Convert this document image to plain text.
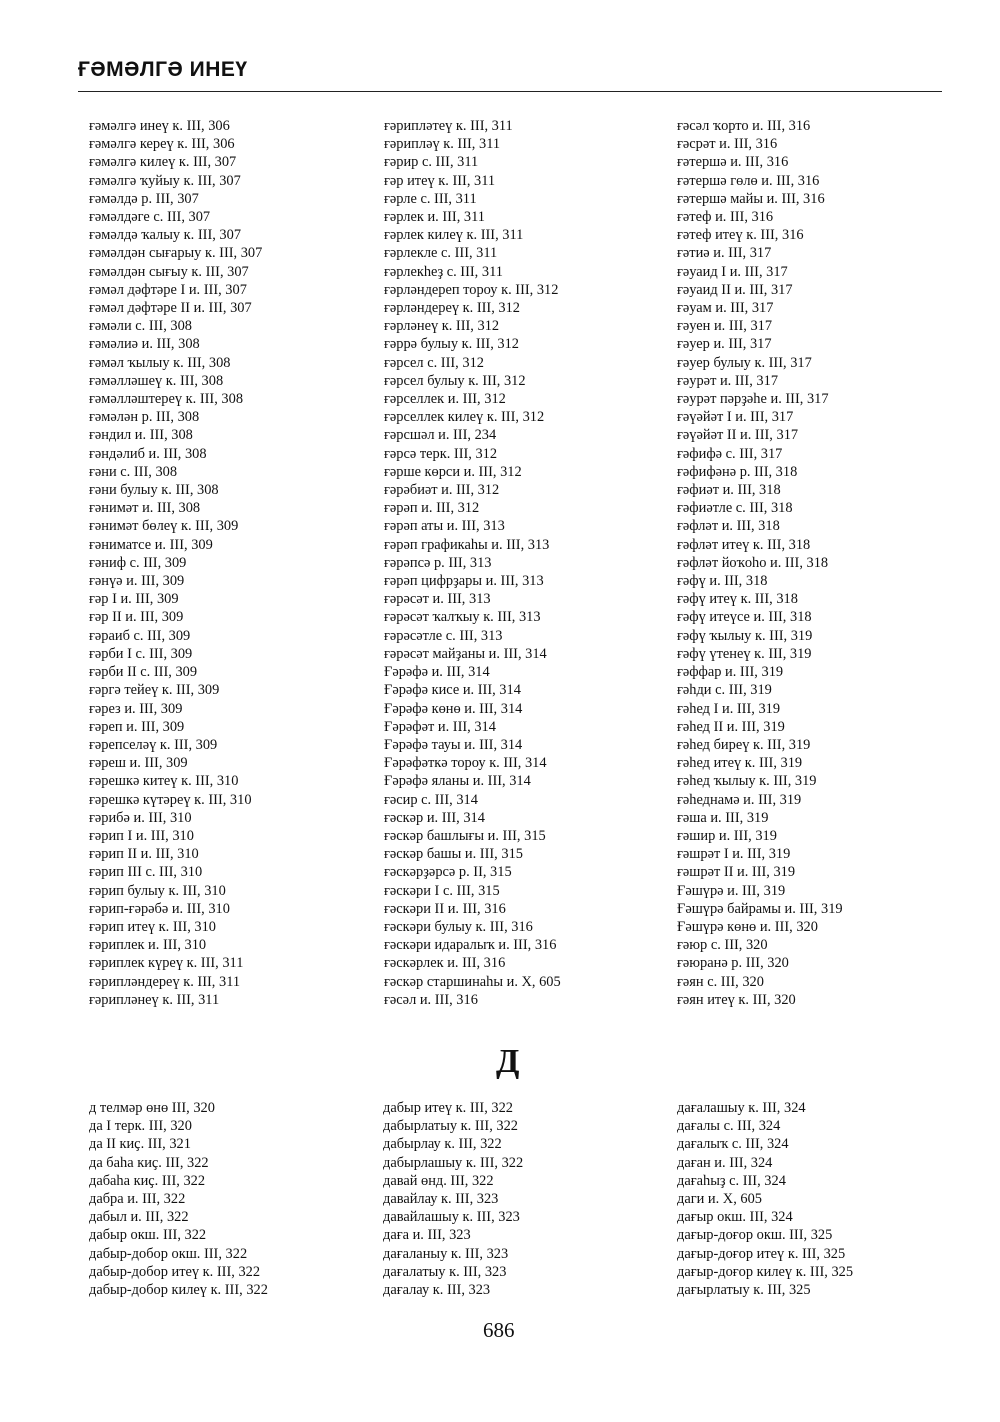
ҒӘМӘЛГӘ ИНЕҮ
ғәмәлгә инеү к. III, 306
ғәмәлгә кереү к. III, 306
ғәмәлгә килеү к. III, 307
ғәмәлгә ҡуйыу к. III, 307
ғәмәлдә р. III, 307
ғәмәлдәге с. III, 307
ғәмәлдә ҡалыу к. III, 307
ғәмәлдән сығарыу к. III, 307
ғәмәлдән сығыу к. III, 307
ғәмәл дәфтәре I и. III, 307
ғәмәл дәфтәре II и. III, 307
ғәмәли с. III, 308
ғәмәлиә и. III, 308
ғәмәл ҡылыу к. III, 308
ғәмәлләшеү к. III, 308
ғәмәлләштереү к. III, 308
ғәмәлән р. III, 308
ғәндил и. III, 308
ғәндәлиб и. III, 308
ғәни с. III, 308
ғәни булыу к. III, 308
ғәнимәт и. III, 308
ғәнимәт бөлеү к. III, 309
ғәниматсе и. III, 309
ғәниф с. III, 309
ғәнүә и. III, 309
ғәр I и. III, 309
ғәр II и. III, 309
ғәраиб с. III, 309
ғәрби I с. III, 309
ғәрби II с. III, 309
ғәргә тейеү к. III, 309
ғәрез и. III, 309
ғәреп и. III, 309
ғәрепселәү к. III, 309
ғәреш и. III, 309
ғәрешкә китеү к. III, 310
ғәрешкә күтәреү к. III, 310
ғәрибә и. III, 310
ғәрип I и. III, 310
ғәрип II и. III, 310
ғәрип III с. III, 310
ғәрип булыу к. III, 310
ғәрип-ғәрәбә и. III, 310
ғәрип итеү к. III, 310
ғәриплек и. III, 310
ғәриплек күреү к. III, 311
ғәрипләндереү к. III, 311
ғәрипләнеү к. III, 311
ғәрипләтеү к. III, 311
ғәрипләү к. III, 311
ғәрир с. III, 311
ғәр итеү к. III, 311
ғәрле с. III, 311
ғәрлек и. III, 311
ғәрлек килеү к. III, 311
ғәрлекле с. III, 311
ғәрлекһеҙ с. III, 311
ғәрләндереп тороу к. III, 312
ғәрләндереү к. III, 312
ғәрләнеү к. III, 312
ғәррә булыу к. III, 312
ғәрсел с. III, 312
ғәрсел булыу к. III, 312
ғәрселлек и. III, 312
ғәрселлек килеү к. III, 312
ғәрсшәл и. III, 234
ғәрсә терк. III, 312
ғәрше көрси и. III, 312
ғәрәбиәт и. III, 312
ғәрәп и. III, 312
ғәрәп аты и. III, 313
ғәрәп графикаһы и. III, 313
ғәрәпсә р. III, 313
ғәрәп цифрҙары и. III, 313
ғәрәсәт и. III, 313
ғәрәсәт ҡалҡыу к. III, 313
ғәрәсәтле с. III, 313
ғәрәсәт майҙаны и. III, 314
Ғәрәфә и. III, 314
Ғәрәфә кисе и. III, 314
Ғәрәфә көнө и. III, 314
Ғәрәфәт и. III, 314
Ғәрәфә тауы и. III, 314
Ғәрәфәткә тороу к. III, 314
Ғәрәфә яланы и. III, 314
ғәсир с. III, 314
ғәскәр и. III, 314
ғәскәр башлығы и. III, 315
ғәскәр башы и. III, 315
ғәскәрҙәрсә р. II, 315
ғәскәри I с. III, 315
ғәскәри II и. III, 316
ғәскәри булыу к. III, 316
ғәскәри идаралыҡ и. III, 316
ғәскәрлек и. III, 316
ғәскәр старшинаһы и. X, 605
ғәсәл и. III, 316
ғәсәл ҡорто и. III, 316
ғәсрәт и. III, 316
ғәтершә и. III, 316
ғәтершә гөлө и. III, 316
ғәтершә майы и. III, 316
ғәтеф и. III, 316
ғәтеф итеү к. III, 316
ғәтиә и. III, 317
ғәуаид I и. III, 317
ғәуаид II и. III, 317
ғәуам и. III, 317
ғәуен и. III, 317
ғәуер и. III, 317
ғәуер булыу к. III, 317
ғәурәт и. III, 317
ғәурәт пәрҙәһе и. III, 317
ғәүәйәт I и. III, 317
ғәүәйәт II и. III, 317
ғәфифә с. III, 317
ғәфифәнә р. III, 318
ғәфиәт и. III, 318
ғәфиәтле с. III, 318
ғәфләт и. III, 318
ғәфләт итеү к. III, 318
ғәфләт йоҡоһо и. III, 318
ғәфү и. III, 318
ғәфү итеү к. III, 318
ғәфү итеүсе и. III, 318
ғәфү ҡылыу к. III, 319
ғәфү үтенеү к. III, 319
ғәффар и. III, 319
ғәһди с. III, 319
ғәһед I и. III, 319
ғәһед II и. III, 319
ғәһед биреү к. III, 319
ғәһед итеү к. III, 319
ғәһед ҡылыу к. III, 319
ғәһеднамә и. III, 319
ғәша и. III, 319
ғәшир и. III, 319
ғәшрәт I и. III, 319
ғәшрәт II и. III, 319
Ғәшүрә и. III, 319
Ғәшүрә байрамы и. III, 319
Ғәшүрә көнө и. III, 320
ғәюр с. III, 320
ғәюранә р. III, 320
ғәян с. III, 320
ғәян итеү к. III, 320
Д
д телмәр өнө III, 320
да I терк. III, 320
да II киҫ. III, 321
да баһа киҫ. III, 322
дабаһа киҫ. III, 322
дабра и. III, 322
дабыл и. III, 322
дабыр окш. III, 322
дабыр-добор окш. III, 322
дабыр-добор итеү к. III, 322
дабыр-добор килеү к. III, 322
дабыр итеү к. III, 322
дабырлатыу к. III, 322
дабырлау к. III, 322
дабырлашыу к. III, 322
давай өнд. III, 322
давайлау к. III, 323
давайлашыу к. III, 323
даға и. III, 323
дағаланыу к. III, 323
дағалатыу к. III, 323
дағалау к. III, 323
дағалашыу к. III, 324
дағалы с. III, 324
дағалыҡ с. III, 324
даған и. III, 324
дағаһыҙ с. III, 324
даги и. X, 605
дағыр окш. III, 324
дағыр-доғор окш. III, 325
дағыр-доғор итеү к. III, 325
дағыр-доғор килеү к. III, 325
дағырлатыу к. III, 325
686
